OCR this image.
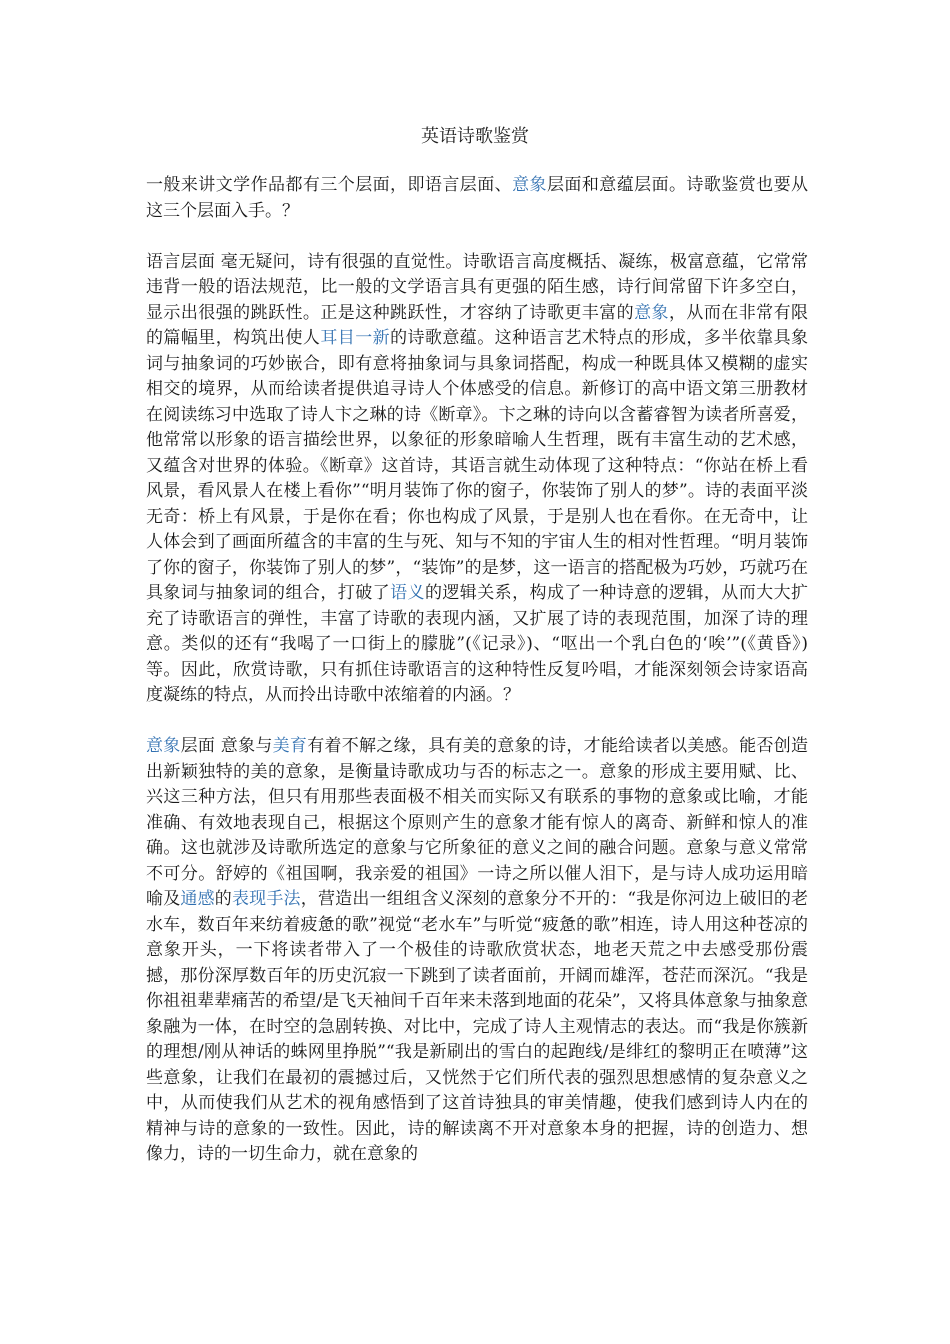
英语诗歌鉴赏

一般来讲文学作品都有三个层面，即语言层面、意象层面和意蕴层面。诗歌鉴赏也要从这三个层面入手。？

语言层面 毫无疑问，诗有很强的直觉性。诗歌语言高度概括、凝练，极富意蕴，它常常违背一般的语法规范，比一般的文学语言具有更强的陌生感，诗行间常留下许多空白，显示出很强的跳跃性。正是这种跳跃性，才容纳了诗歌更丰富的意象，从而在非常有限的篇幅里，构筑出使人耳目一新的诗歌意蕴。这种语言艺术特点的形成，多半依靠具象词与抽象词的巧妙嵌合，即有意将抽象词与具象词搭配，构成一种既具体又模糊的虚实相交的境界，从而给读者提供追寻诗人个体感受的信息。新修订的高中语文第三册教材在阅读练习中选取了诗人卞之琳的诗《断章》。卞之琳的诗向以含蓄睿智为读者所喜爱，他常常以形象的语言描绘世界，以象征的形象暗喻人生哲理，既有丰富生动的艺术感，又蕴含对世界的体验。《断章》这首诗，其语言就生动体现了这种特点：“你站在桥上看风景，看风景人在楼上看你”“明月装饰了你的窗子，你装饰了别人的梦”。诗的表面平淡无奇：桥上有风景，于是你在看；你也构成了风景，于是别人也在看你。在无奇中，让人体会到了画面所蕴含的丰富的生与死、知与不知的宇宙人生的相对性哲理。“明月装饰了你的窗子，你装饰了别人的梦”，“装饰”的是梦，这一语言的搭配极为巧妙，巧就巧在具象词与抽象词的组合，打破了语义的逻辑关系，构成了一种诗意的逻辑，从而大大扩充了诗歌语言的弹性，丰富了诗歌的表现内涵，又扩展了诗的表现范围，加深了诗的理意。类似的还有“我喝了一口街上的朦胧”(《记录》)、“呕出一个乳白色的‘唉’”(《黄昏》)等。因此，欣赏诗歌，只有抓住诗歌语言的这种特性反复吟唱，才能深刻领会诗家语高度凝练的特点，从而拎出诗歌中浓缩着的内涵。？

意象层面 意象与美育有着不解之缘，具有美的意象的诗，才能给读者以美感。能否创造出新颖独特的美的意象，是衡量诗歌成功与否的标志之一。意象的形成主要用赋、比、兴这三种方法，但只有用那些表面极不相关而实际又有联系的事物的意象或比喻，才能准确、有效地表现自己，根据这个原则产生的意象才能有惊人的离奇、新鲜和惊人的准确。这也就涉及诗歌所选定的意象与它所象征的意义之间的融合问题。意象与意义常常不可分。舒婷的《祖国啊，我亲爱的祖国》一诗之所以催人泪下，是与诗人成功运用暗喻及通感的表现手法，营造出一组组含义深刻的意象分不开的：“我是你河边上破旧的老水车，数百年来纺着疲惫的歌”视觉“老水车”与听觉“疲惫的歌”相连，诗人用这种苍凉的意象开头，一下将读者带入了一个极佳的诗歌欣赏状态，地老天荒之中去感受那份震撼，那份深厚数百年的历史沉寂一下跳到了读者面前，开阔而雄浑，苍茫而深沉。“我是你祖祖辈辈痛苦的希望/是飞天袖间千百年来未落到地面的花朵”，又将具体意象与抽象意象融为一体，在时空的急剧转换、对比中，完成了诗人主观情志的表达。而“我是你簇新的理想/刚从神话的蛛网里挣脱”“我是新刷出的雪白的起跑线/是绯红的黎明正在喷薄”这些意象，让我们在最初的震撼过后，又恍然于它们所代表的强烈思想感情的复杂意义之中，从而使我们从艺术的视角感悟到了这首诗独具的审美情趣，使我们感到诗人内在的精神与诗的意象的一致性。因此，诗的解读离不开对意象本身的把握，诗的创造力、想像力，诗的一切生命力，就在意象的
